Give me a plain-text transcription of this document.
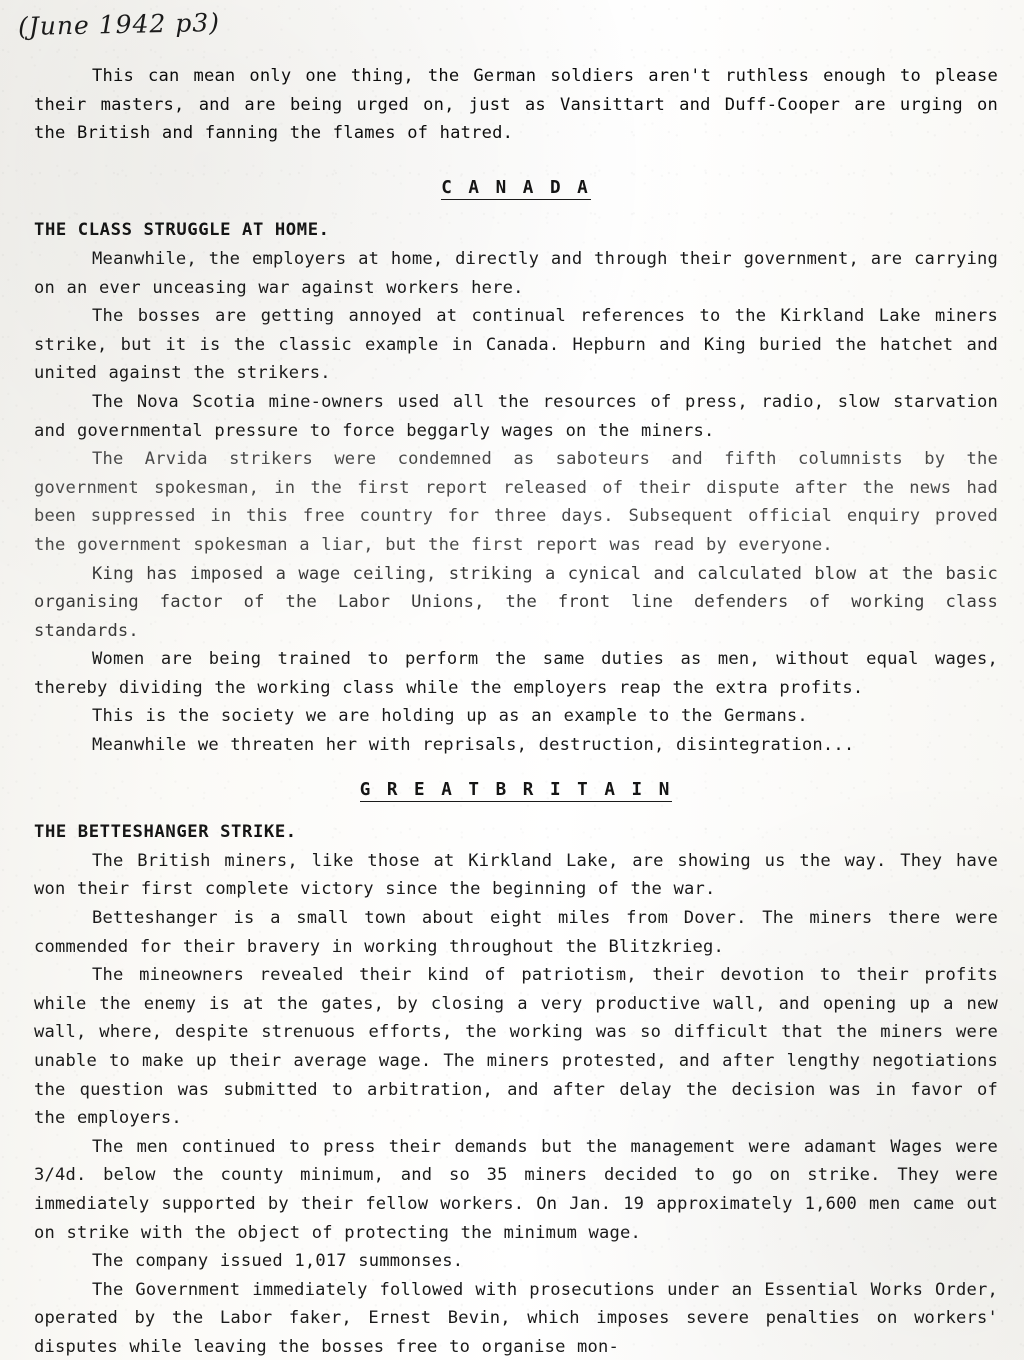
(June 1942 p3)

This can mean only one thing, the German soldiers aren't ruthless enough to please their masters, and are being urged on, just as Vansittart and Duff-Cooper are urging on the British and fanning the flames of hatred.

C A N A D A
THE CLASS STRUGGLE AT HOME.

Meanwhile, the employers at home, directly and through their government, are carrying on an ever unceasing war against workers here.

The bosses are getting annoyed at continual references to the Kirkland Lake miners strike, but it is the classic example in Canada. Hepburn and King buried the hatchet and united against the strikers.

The Nova Scotia mine-owners used all the resources of press, radio, slow starvation and governmental pressure to force beggarly wages on the miners.

The Arvida strikers were condemned as saboteurs and fifth columnists by the government spokesman, in the first report released of their dispute after the news had been suppressed in this free country for three days. Subsequent official enquiry proved the government spokesman a liar, but the first report was read by everyone.

King has imposed a wage ceiling, striking a cynical and calculated blow at the basic organising factor of the Labor Unions, the front line defenders of working class standards.

Women are being trained to perform the same duties as men, without equal wages, thereby dividing the working class while the employers reap the extra profits.

This is the society we are holding up as an example to the Germans.

Meanwhile we threaten her with reprisals, destruction, disintegration...

G R E A T B R I T A I N
THE BETTESHANGER STRIKE.

The British miners, like those at Kirkland Lake, are showing us the way. They have won their first complete victory since the beginning of the war.

Betteshanger is a small town about eight miles from Dover. The miners there were commended for their bravery in working throughout the Blitzkrieg.

The mineowners revealed their kind of patriotism, their devotion to their profits while the enemy is at the gates, by closing a very productive wall, and opening up a new wall, where, despite strenuous efforts, the working was so difficult that the miners were unable to make up their average wage. The miners protested, and after lengthy negotiations the question was submitted to arbitration, and after delay the decision was in favor of the employers.

The men continued to press their demands but the management were adamant Wages were 3/4d. below the county minimum, and so 35 miners decided to go on strike. They were immediately supported by their fellow workers. On Jan. 19 approximately 1,600 men came out on strike with the object of protecting the minimum wage.

The company issued 1,017 summonses.

The Government immediately followed with prosecutions under an Essential Works Order, operated by the Labor faker, Ernest Bevin, which imposes severe penalties on workers' disputes while leaving the bosses free to organise mon-
